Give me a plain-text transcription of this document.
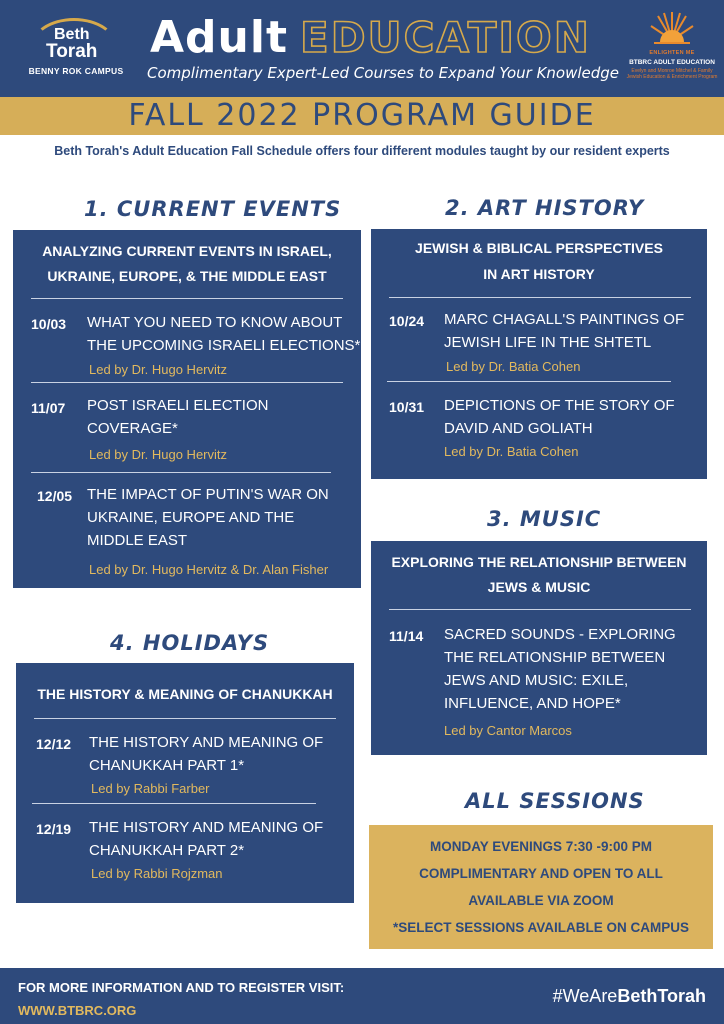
Beth
Torah
BENNY ROK CAMPUS
Adult EDUCATION
Complimentary Expert-Led Courses to Expand Your Knowledge
ENLIGHTEN ME
BTBRC ADULT EDUCATION
Evelyn and Monroe Mitchel & Family Jewish Education & Enrichment Program
FALL 2022 PROGRAM GUIDE
Beth Torah's Adult Education Fall Schedule offers four different modules taught by our resident experts
1. CURRENT EVENTS
ANALYZING CURRENT EVENTS IN ISRAEL,
UKRAINE, EUROPE, & THE MIDDLE EAST
10/03 WHAT YOU NEED TO KNOW ABOUT
THE UPCOMING ISRAELI ELECTIONS*
Led by Dr. Hugo Hervitz
11/07 POST ISRAELI ELECTION
COVERAGE*
Led by Dr. Hugo Hervitz
12/05 THE IMPACT OF PUTIN'S WAR ON
UKRAINE, EUROPE AND THE
MIDDLE EAST
Led by Dr. Hugo Hervitz & Dr. Alan Fisher
2. ART HISTORY
JEWISH & BIBLICAL PERSPECTIVES
IN ART HISTORY
10/24 MARC CHAGALL'S PAINTINGS OF
JEWISH LIFE IN THE SHTETL
Led by Dr. Batia Cohen
10/31 DEPICTIONS OF THE STORY OF
DAVID AND GOLIATH
Led by Dr. Batia Cohen
3. MUSIC
EXPLORING THE RELATIONSHIP BETWEEN
JEWS & MUSIC
11/14 SACRED SOUNDS - EXPLORING
THE RELATIONSHIP BETWEEN
JEWS AND MUSIC: EXILE,
INFLUENCE, AND HOPE*
Led by Cantor Marcos
4. HOLIDAYS
THE HISTORY & MEANING OF CHANUKKAH
12/12 THE HISTORY AND MEANING OF
CHANUKKAH PART 1*
Led by Rabbi Farber
12/19 THE HISTORY AND MEANING OF
CHANUKKAH PART 2*
Led by Rabbi Rojzman
ALL SESSIONS
MONDAY EVENINGS 7:30 -9:00 PM
COMPLIMENTARY AND OPEN TO ALL
AVAILABLE VIA ZOOM
*SELECT SESSIONS AVAILABLE ON CAMPUS
FOR MORE INFORMATION AND TO REGISTER VISIT:
WWW.BTBRC.ORG
#WeAreBethTorah
